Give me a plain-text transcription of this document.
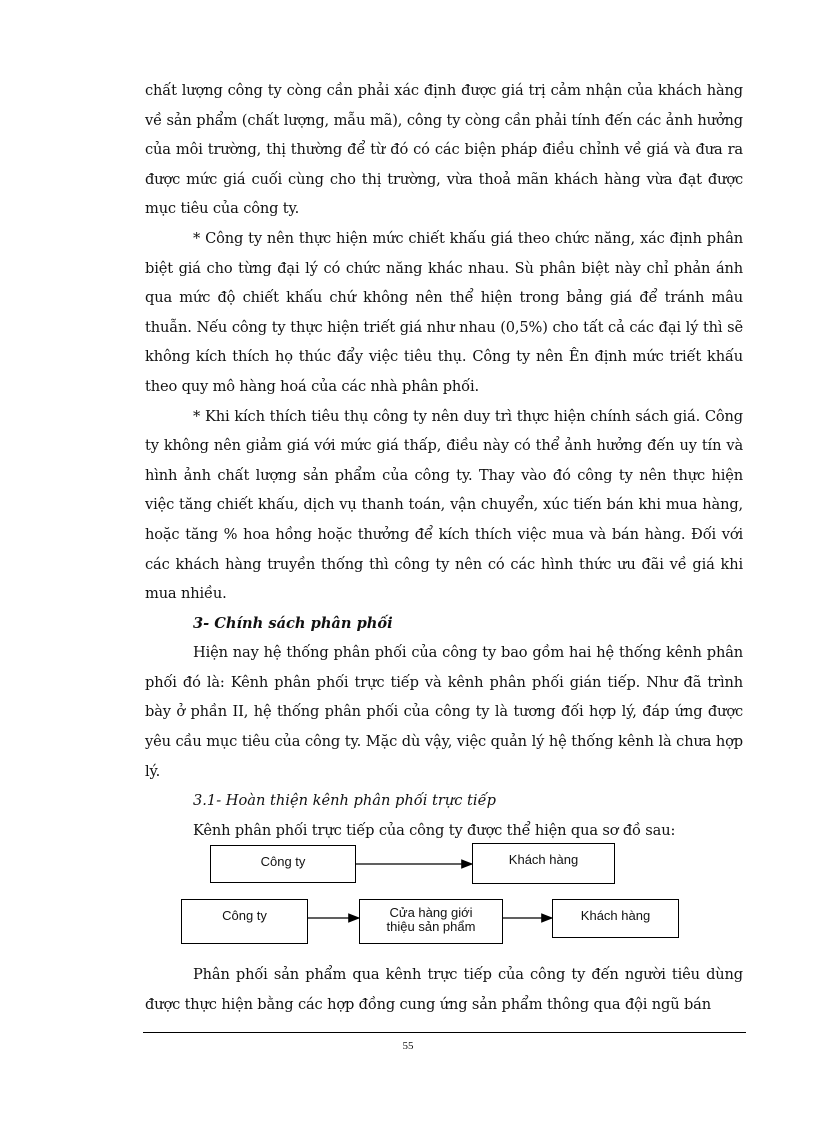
chất lượng công ty còng cần phải xác định được giá trị cảm nhận của khách hàng về sản phẩm (chất lượng, mẫu mã), công ty còng cần phải tính đến các ảnh hưởng của môi trường, thị thường để từ đó có các biện pháp điều chỉnh về giá và đưa ra được mức giá cuối cùng cho thị trường, vừa thoả mãn khách hàng vừa đạt được mục tiêu của công ty.

* Công ty nên thực hiện mức chiết khấu giá theo chức năng, xác định phân biệt giá cho từng đại lý có chức năng khác nhau. Sù phân biệt này chỉ phản ánh qua mức độ chiết khấu chứ không nên thể hiện trong bảng giá để tránh mâu thuẫn. Nếu công ty thực hiện triết giá như nhau (0,5%) cho tất cả các đại lý thì sẽ không kích thích họ thúc đẩy việc tiêu thụ. Công ty nên Ên định mức triết khấu theo quy mô hàng hoá của các nhà phân phối.

* Khi kích thích tiêu thụ công ty nên duy trì thực hiện chính sách giá. Công ty không nên giảm giá với mức giá thấp, điều này có thể ảnh hưởng đến uy tín và hình ảnh chất lượng sản phẩm của công ty. Thay vào đó công ty nên thực hiện việc tăng chiết khấu, dịch vụ thanh toán, vận chuyển, xúc tiến bán khi mua hàng, hoặc tăng % hoa hồng hoặc thưởng để kích thích việc mua và bán hàng. Đối với các khách hàng truyền thống thì công ty nên có các hình thức ưu đãi về giá khi mua nhiều.

3- Chính sách phân phối

Hiện nay hệ thống phân phối của công ty bao gồm hai hệ thống kênh phân phối đó là: Kênh phân phối trực tiếp và kênh phân phối gián tiếp. Như đã trình bày ở phần II, hệ thống phân phối của công ty là tương đối hợp lý, đáp ứng được yêu cầu mục tiêu của công ty. Mặc dù vậy, việc quản lý hệ thống kênh là chưa hợp lý.

3.1- Hoàn thiện kênh phân phối trực tiếp

Kênh phân phối trực tiếp của công ty được thể hiện qua sơ đồ sau:

Công ty	Khách hàng
Công ty	Cửa hàng giới
thiệu sản phẩm
Khách hàng

Phân phối sản phẩm qua kênh trực tiếp của công ty đến người tiêu dùng được thực hiện bằng các hợp đồng cung ứng sản phẩm thông qua đội ngũ bán

55
